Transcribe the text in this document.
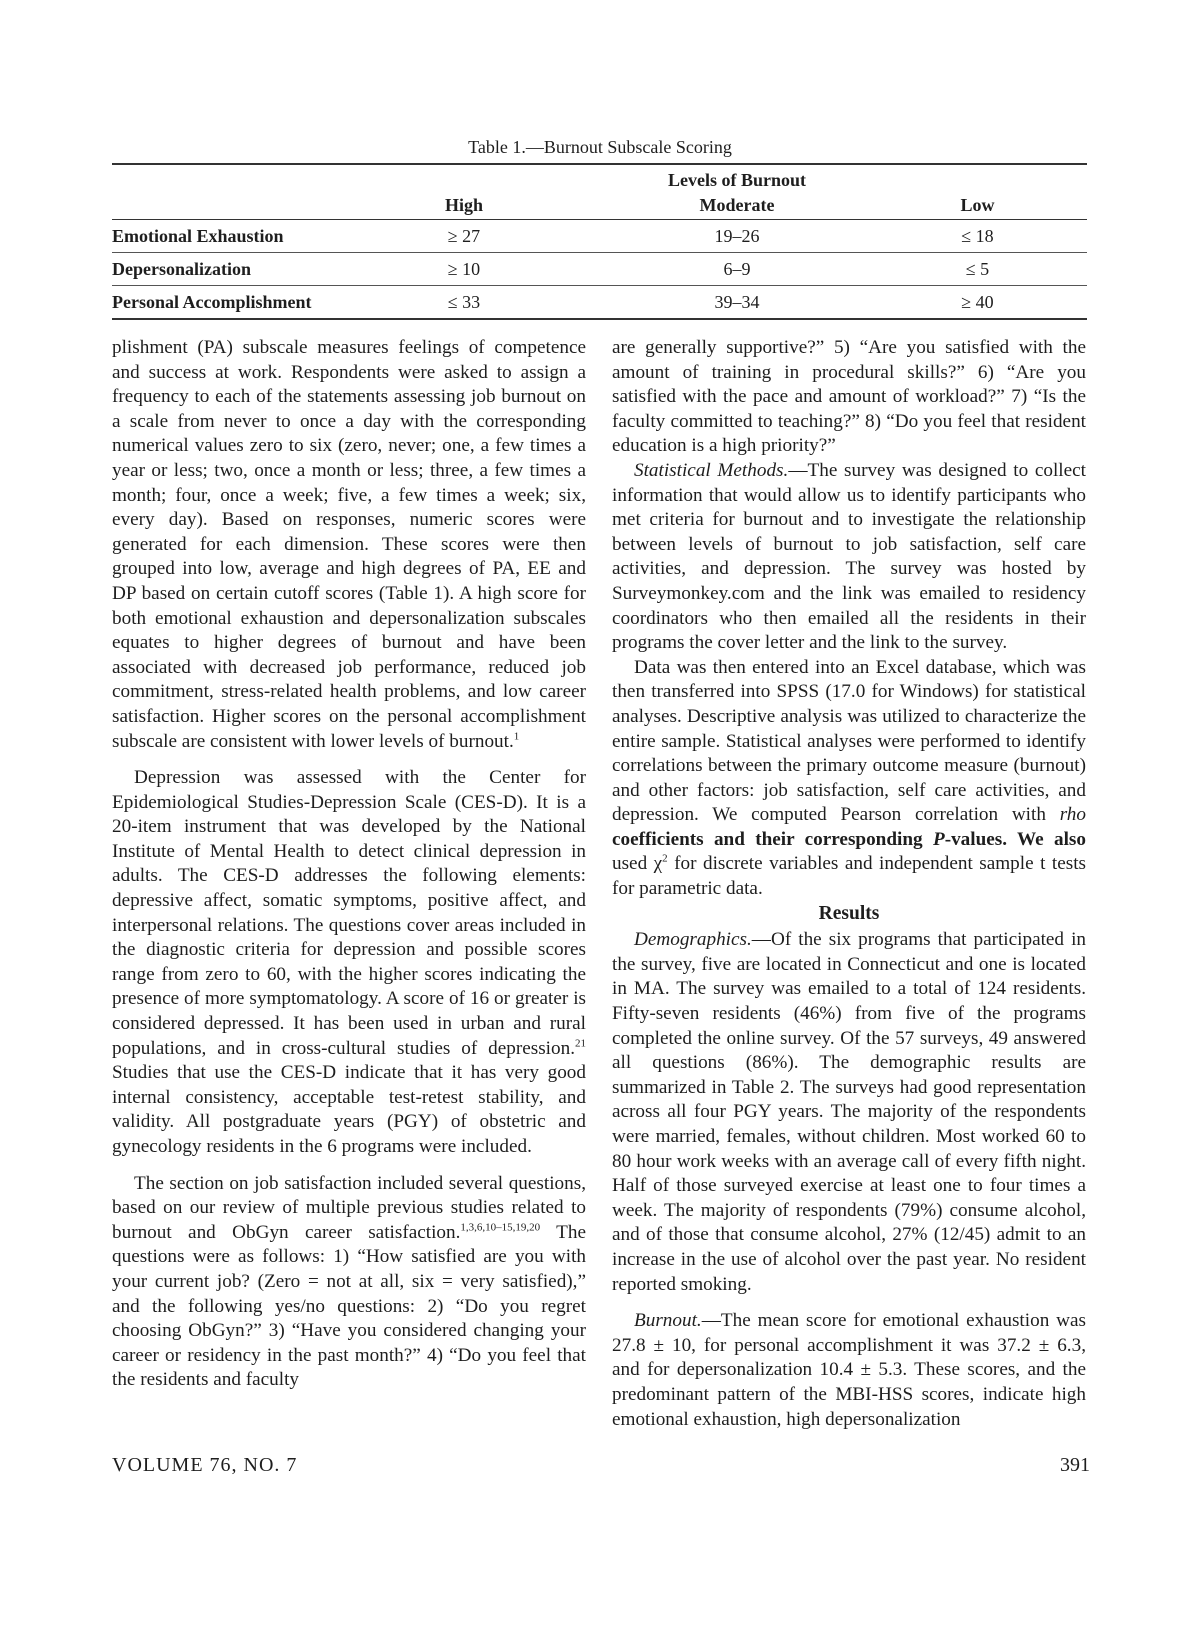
Table 1.—Burnout Subscale Scoring
		Levels of Burnout	
	High	Moderate	Low
Emotional Exhaustion	≥ 27	19–26	≤ 18
Depersonalization	≥ 10	6–9	≤ 5
Personal Accomplishment	≤ 33	39–34	≥ 40

plishment (PA) subscale measures feelings of competence and success at work. Respondents were asked to assign a frequency to each of the statements assessing job burnout on a scale from never to once a day with the corresponding numerical values zero to six (zero, never; one, a few times a year or less; two, once a month or less; three, a few times a month; four, once a week; five, a few times a week; six, every day). Based on responses, numeric scores were generated for each dimension. These scores were then grouped into low, average and high degrees of PA, EE and DP based on certain cutoff scores (Table 1). A high score for both emotional exhaustion and depersonalization subscales equates to higher degrees of burnout and have been associated with decreased job performance, reduced job commitment, stress-related health problems, and low career satisfaction. Higher scores on the personal accomplishment subscale are consistent with lower levels of burnout.$^1$

Depression was assessed with the Center for Epidemiological Studies-Depression Scale (CES-D). It is a 20-item instrument that was developed by the National Institute of Mental Health to detect clinical depression in adults. The CES-D addresses the following elements: depressive affect, somatic symptoms, positive affect, and interpersonal relations. The questions cover areas included in the diagnostic criteria for depression and possible scores range from zero to 60, with the higher scores indicating the presence of more symptomatology. A score of 16 or greater is considered depressed. It has been used in urban and rural populations, and in cross-cultural studies of depression.$^{21}$ Studies that use the CES-D indicate that it has very good internal consistency, acceptable test-retest stability, and validity. All postgraduate years (PGY) of obstetric and gynecology residents in the 6 programs were included.

The section on job satisfaction included several questions, based on our review of multiple previous studies related to burnout and ObGyn career satisfaction.$^{1,3,6,10-15,19,20}$ The questions were as follows: 1) “How satisfied are you with your current job? (Zero = not at all, six = very satisfied),” and the following yes/no questions: 2) “Do you regret choosing ObGyn?” 3) “Have you considered changing your career or residency in the past month?” 4) “Do you feel that the residents and faculty

are generally supportive?” 5) “Are you satisfied with the amount of training in procedural skills?” 6) “Are you satisfied with the pace and amount of workload?” 7) “Is the faculty committed to teaching?” 8) “Do you feel that resident education is a high priority?”

Statistical Methods.—The survey was designed to collect information that would allow us to identify participants who met criteria for burnout and to investigate the relationship between levels of burnout to job satisfaction, self care activities, and depression. The survey was hosted by Surveymonkey.com and the link was emailed to residency coordinators who then emailed all the residents in their programs the cover letter and the link to the survey.

Data was then entered into an Excel database, which was then transferred into SPSS (17.0 for Windows) for statistical analyses. Descriptive analysis was utilized to characterize the entire sample. Statistical analyses were performed to identify correlations between the primary outcome measure (burnout) and other factors: job satisfaction, self care activities, and depression. We computed Pearson correlation with rho coefficients and their corresponding P-values. We also used $\chi^2$ for discrete variables and independent sample t tests for parametric data.

Results

Demographics.—Of the six programs that participated in the survey, five are located in Connecticut and one is located in MA. The survey was emailed to a total of 124 residents. Fifty-seven residents (46%) from five of the programs completed the online survey. Of the 57 surveys, 49 answered all questions (86%). The demographic results are summarized in Table 2. The surveys had good representation across all four PGY years. The majority of the respondents were married, females, without children. Most worked 60 to 80 hour work weeks with an average call of every fifth night. Half of those surveyed exercise at least one to four times a week. The majority of respondents (79%) consume alcohol, and of those that consume alcohol, 27% (12/45) admit to an increase in the use of alcohol over the past year. No resident reported smoking.

Burnout.—The mean score for emotional exhaustion was 27.8 ± 10, for personal accomplishment it was 37.2 ± 6.3, and for depersonalization 10.4 ± 5.3. These scores, and the predominant pattern of the MBI-HSS scores, indicate high emotional exhaustion, high depersonalization

VOLUME 76, NO. 7	391
